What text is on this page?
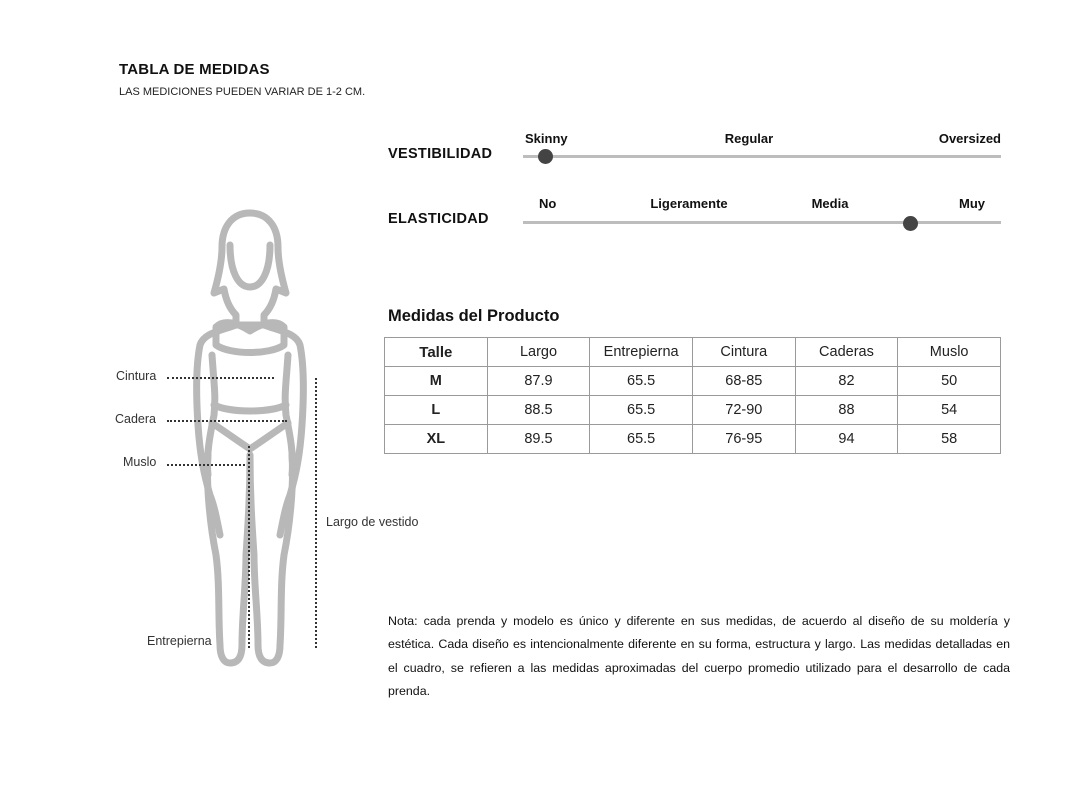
TABLA DE MEDIDAS
LAS MEDICIONES PUEDEN VARIAR DE 1-2 CM.
VESTIBILIDAD
Skinny	Regular	Oversized
ELASTICIDAD
No	Ligeramente	Media	Muy
Medidas del Producto
Talle	Largo	Entrepierna	Cintura	Caderas	Muslo
M	87.9	65.5	68-85	82	50
L	88.5	65.5	72-90	88	54
XL	89.5	65.5	76-95	94	58
Nota: cada prenda y modelo es único y diferente en sus medidas, de acuerdo al diseño de su moldería y estética. Cada diseño es intencionalmente diferente en su forma, estructura y largo. Las medidas detalladas en el cuadro, se refieren a las medidas aproximadas del cuerpo promedio utilizado para el desarrollo de cada prenda.
Cintura
Cadera
Muslo
Largo de vestido
Entrepierna
